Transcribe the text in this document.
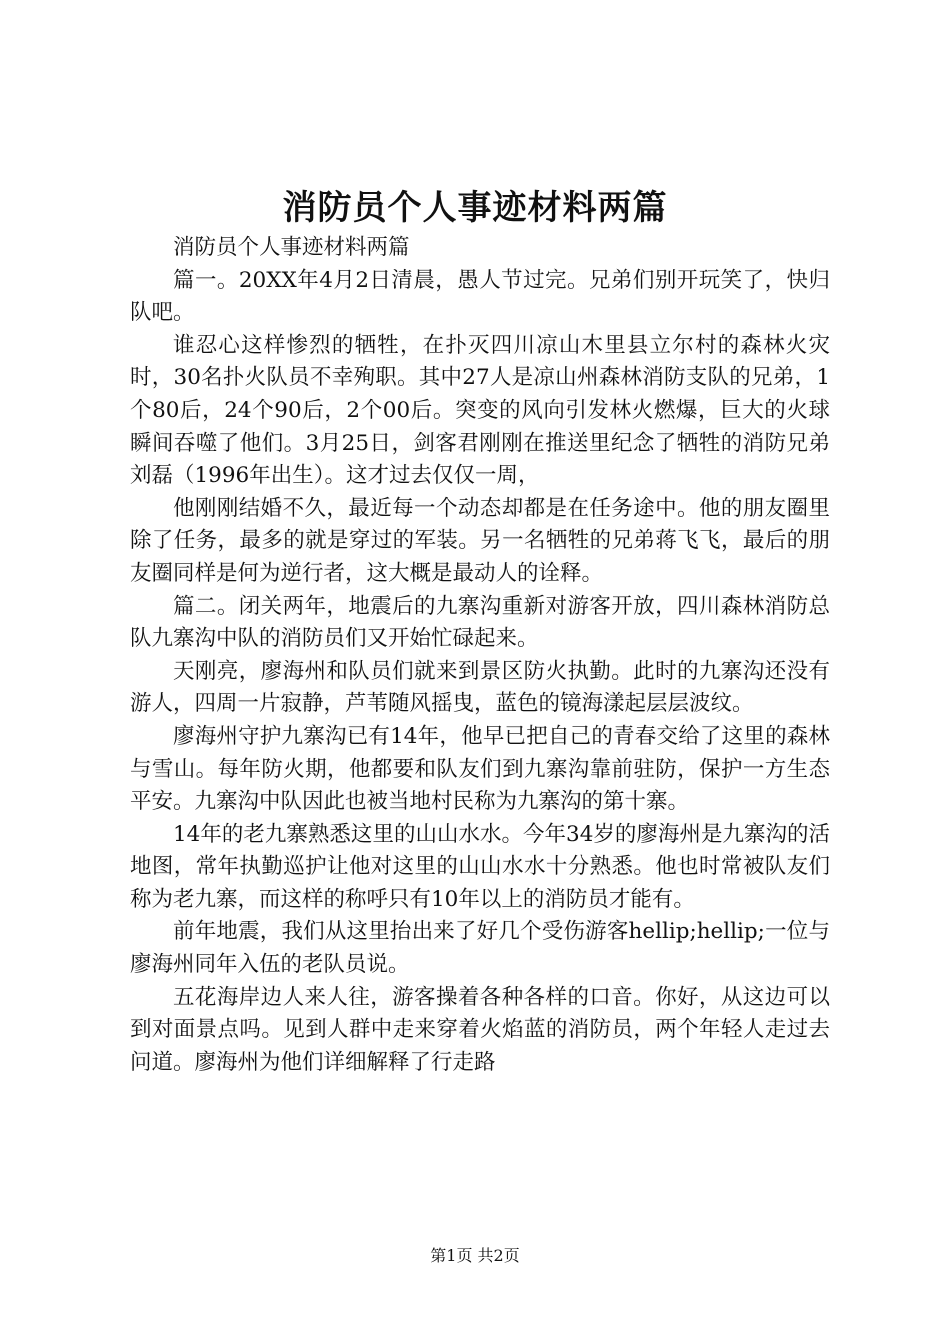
消防员个人事迹材料两篇

消防员个人事迹材料两篇

篇一。20XX年4月2日清晨，愚人节过完。兄弟们别开玩笑了，快归队吧。

谁忍心这样惨烈的牺牲，在扑灭四川凉山木里县立尔村的森林火灾时，30名扑火队员不幸殉职。其中27人是凉山州森林消防支队的兄弟，1个80后，24个90后，2个00后。突变的风向引发林火燃爆，巨大的火球瞬间吞噬了他们。3月25日，剑客君刚刚在推送里纪念了牺牲的消防兄弟刘磊（1996年出生）。这才过去仅仅一周，

他刚刚结婚不久，最近每一个动态却都是在任务途中。他的朋友圈里除了任务，最多的就是穿过的军装。另一名牺牲的兄弟蒋飞飞，最后的朋友圈同样是何为逆行者，这大概是最动人的诠释。

篇二。闭关两年，地震后的九寨沟重新对游客开放，四川森林消防总队九寨沟中队的消防员们又开始忙碌起来。

天刚亮，廖海州和队员们就来到景区防火执勤。此时的九寨沟还没有游人，四周一片寂静，芦苇随风摇曳，蓝色的镜海漾起层层波纹。

廖海州守护九寨沟已有14年，他早已把自己的青春交给了这里的森林与雪山。每年防火期，他都要和队友们到九寨沟靠前驻防，保护一方生态平安。九寨沟中队因此也被当地村民称为九寨沟的第十寨。

14年的老九寨熟悉这里的山山水水。今年34岁的廖海州是九寨沟的活地图，常年执勤巡护让他对这里的山山水水十分熟悉。他也时常被队友们称为老九寨，而这样的称呼只有10年以上的消防员才能有。

前年地震，我们从这里抬出来了好几个受伤游客hellip;hellip;一位与廖海州同年入伍的老队员说。

五花海岸边人来人往，游客操着各种各样的口音。你好，从这边可以到对面景点吗。见到人群中走来穿着火焰蓝的消防员，两个年轻人走过去问道。廖海州为他们详细解释了行走路

第1页 共2页
